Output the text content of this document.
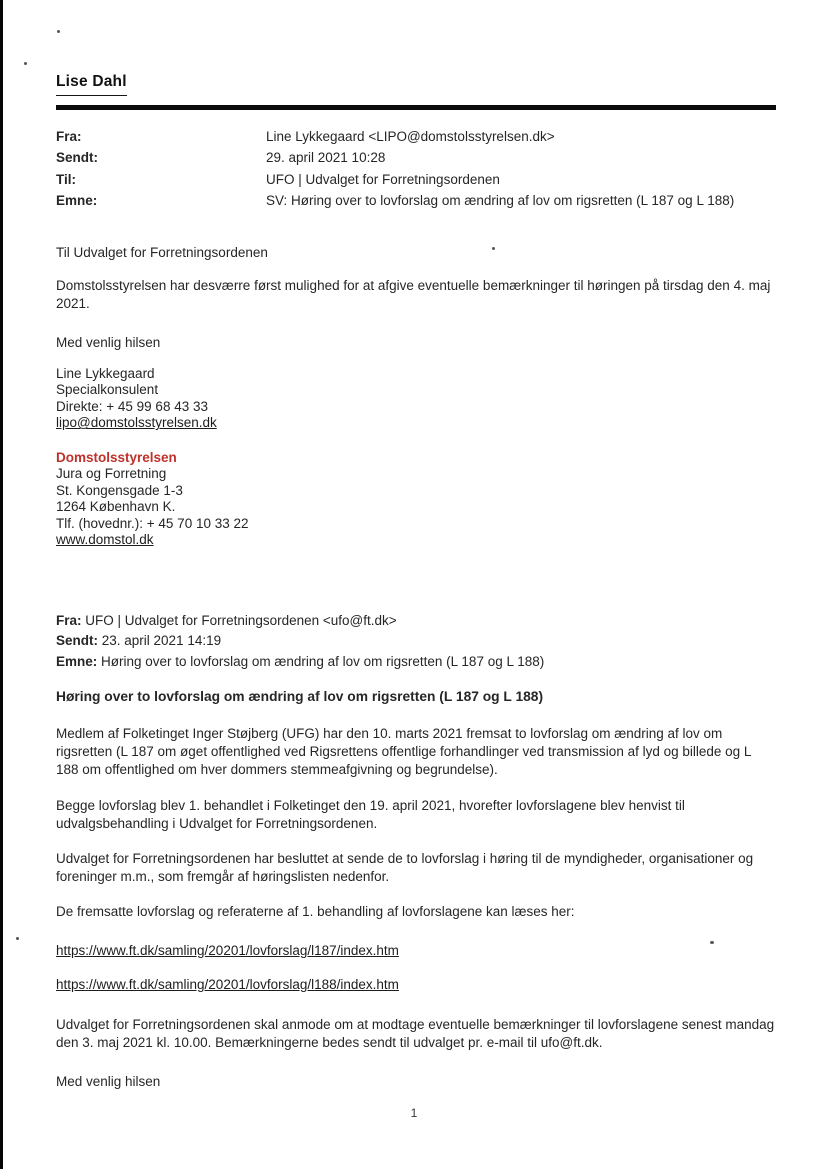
Lise Dahl
Fra:	Line Lykkegaard <LIPO@domstolsstyrelsen.dk>
Sendt:	29. april 2021 10:28
Til:	UFO | Udvalget for Forretningsordenen
Emne:	SV: Høring over to lovforslag om ændring af lov om rigsretten (L 187 og L 188)

Til Udvalget for Forretningsordenen

Domstolsstyrelsen har desværre først mulighed for at afgive eventuelle bemærkninger til høringen på tirsdag den 4. maj 2021.

Med venlig hilsen

Line Lykkegaard
Specialkonsulent
Direkte: + 45 99 68 43 33
lipo@domstolsstyrelsen.dk
Domstolsstyrelsen
Jura og Forretning
St. Kongensgade 1-3
1264 København K.
Tlf. (hovednr.): + 45 70 10 33 22
www.domstol.dk
Fra: UFO | Udvalget for Forretningsordenen <ufo@ft.dk>
Sendt: 23. april 2021 14:19
Emne: Høring over to lovforslag om ændring af lov om rigsretten (L 187 og L 188)

Høring over to lovforslag om ændring af lov om rigsretten (L 187 og L 188)

Medlem af Folketinget Inger Støjberg (UFG) har den 10. marts 2021 fremsat to lovforslag om ændring af lov om rigsretten (L 187 om øget offentlighed ved Rigsrettens offentlige forhandlinger ved transmission af lyd og billede og L 188 om offentlighed om hver dommers stemmeafgivning og begrundelse).

Begge lovforslag blev 1. behandlet i Folketinget den 19. april 2021, hvorefter lovforslagene blev henvist til udvalgsbehandling i Udvalget for Forretningsordenen.

Udvalget for Forretningsordenen har besluttet at sende de to lovforslag i høring til de myndigheder, organisationer og foreninger m.m., som fremgår af høringslisten nedenfor.

De fremsatte lovforslag og referaterne af 1. behandling af lovforslagene kan læses her:

https://www.ft.dk/samling/20201/lovforslag/l187/index.htm

https://www.ft.dk/samling/20201/lovforslag/l188/index.htm

Udvalget for Forretningsordenen skal anmode om at modtage eventuelle bemærkninger til lovforslagene senest mandag den 3. maj 2021 kl. 10.00. Bemærkningerne bedes sendt til udvalget pr. e-mail til ufo@ft.dk.

Med venlig hilsen

1
